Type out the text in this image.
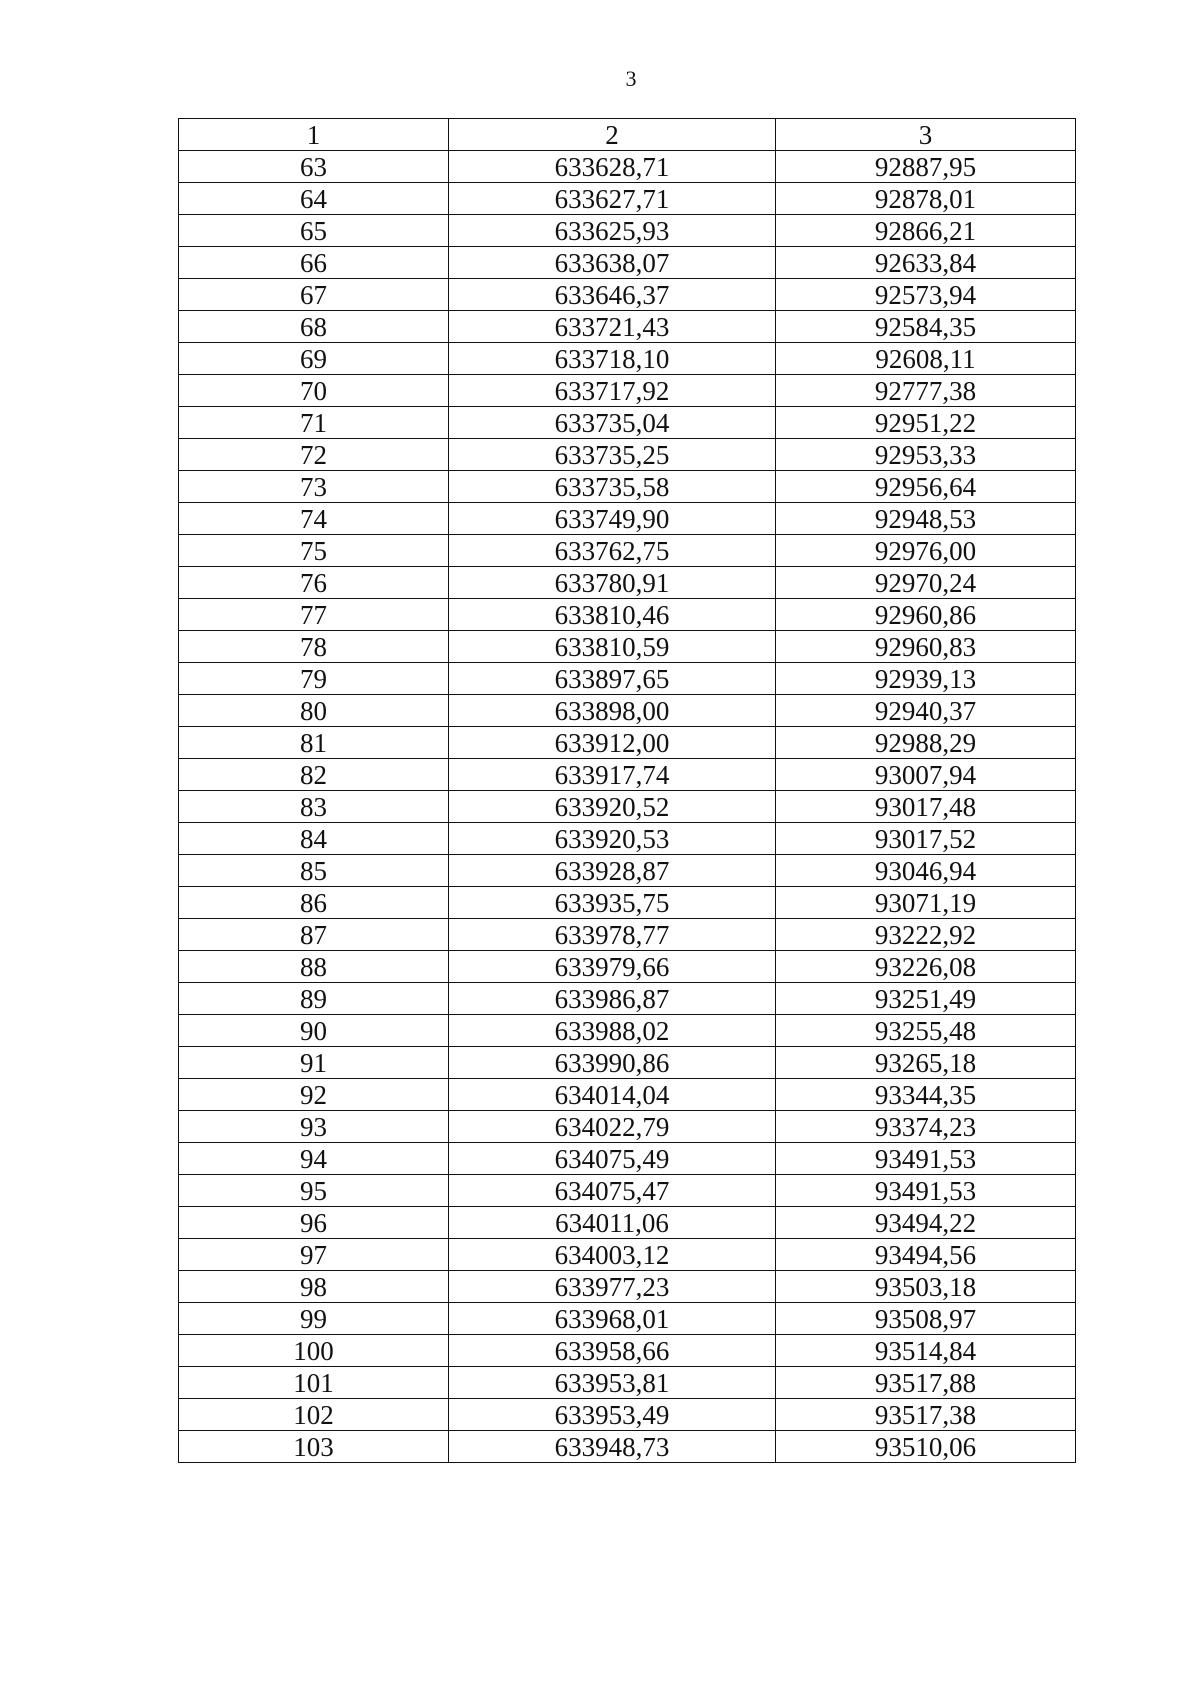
3
1	2	3
63	633628,71	92887,95
64	633627,71	92878,01
65	633625,93	92866,21
66	633638,07	92633,84
67	633646,37	92573,94
68	633721,43	92584,35
69	633718,10	92608,11
70	633717,92	92777,38
71	633735,04	92951,22
72	633735,25	92953,33
73	633735,58	92956,64
74	633749,90	92948,53
75	633762,75	92976,00
76	633780,91	92970,24
77	633810,46	92960,86
78	633810,59	92960,83
79	633897,65	92939,13
80	633898,00	92940,37
81	633912,00	92988,29
82	633917,74	93007,94
83	633920,52	93017,48
84	633920,53	93017,52
85	633928,87	93046,94
86	633935,75	93071,19
87	633978,77	93222,92
88	633979,66	93226,08
89	633986,87	93251,49
90	633988,02	93255,48
91	633990,86	93265,18
92	634014,04	93344,35
93	634022,79	93374,23
94	634075,49	93491,53
95	634075,47	93491,53
96	634011,06	93494,22
97	634003,12	93494,56
98	633977,23	93503,18
99	633968,01	93508,97
100	633958,66	93514,84
101	633953,81	93517,88
102	633953,49	93517,38
103	633948,73	93510,06
